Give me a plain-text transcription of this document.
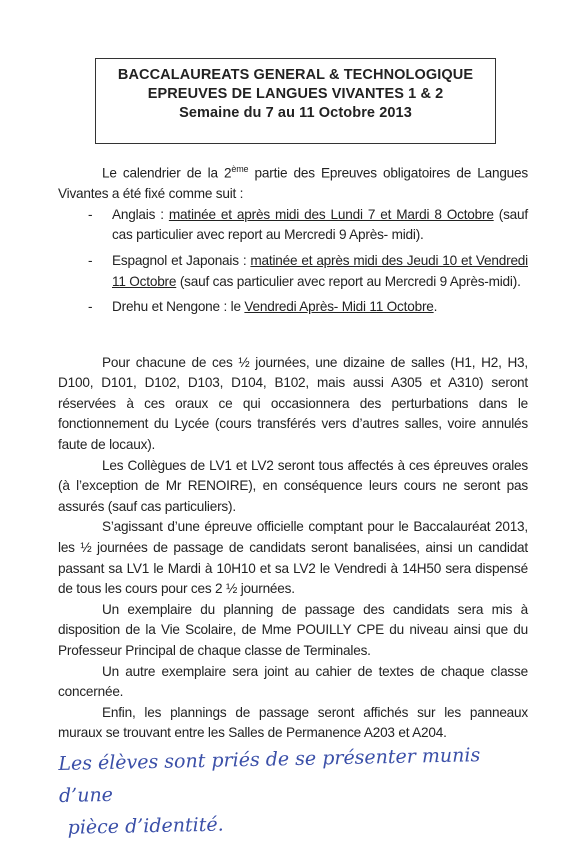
BACCALAUREATS GENERAL & TECHNOLOGIQUE
EPREUVES DE LANGUES VIVANTES 1 & 2
Semaine du 7 au 11 Octobre 2013

Le calendrier de la 2ème partie des Epreuves obligatoires de Langues Vivantes a été fixé comme suit :

- Anglais : matinée et après midi des Lundi 7 et Mardi 8 Octobre (sauf cas particulier avec report au Mercredi 9 Après- midi).
- Espagnol et Japonais : matinée et après midi des Jeudi 10 et Vendredi 11 Octobre (sauf cas particulier avec report au Mercredi 9 Après-midi).
- Drehu et Nengone : le Vendredi Après- Midi 11 Octobre.

Pour chacune de ces ½ journées, une dizaine de salles (H1, H2, H3, D100, D101, D102, D103, D104, B102, mais aussi A305 et A310) seront réservées à ces oraux ce qui occasionnera des perturbations dans le fonctionnement du Lycée (cours transférés vers d’autres salles, voire annulés faute de locaux).

Les Collègues de LV1 et LV2 seront tous affectés à ces épreuves orales (à l’exception de Mr RENOIRE), en conséquence leurs cours ne seront pas assurés (sauf cas particuliers).

S’agissant d’une épreuve officielle comptant pour le Baccalauréat 2013, les ½ journées de passage de candidats seront banalisées, ainsi un candidat passant sa LV1 le Mardi à 10H10 et sa LV2 le Vendredi à 14H50 sera dispensé de tous les cours pour ces 2 ½ journées.

Un exemplaire du planning de passage des candidats sera mis à disposition de la Vie Scolaire, de Mme POUILLY CPE du niveau ainsi que du Professeur Principal de chaque classe de Terminales.

Un autre exemplaire sera joint au cahier de textes de chaque classe concernée.

Enfin, les plannings de passage seront affichés sur les panneaux muraux se trouvant entre les Salles de Permanence A203 et A204.

Les élèves sont priés de se présenter munis d’une
pièce d’identité.
